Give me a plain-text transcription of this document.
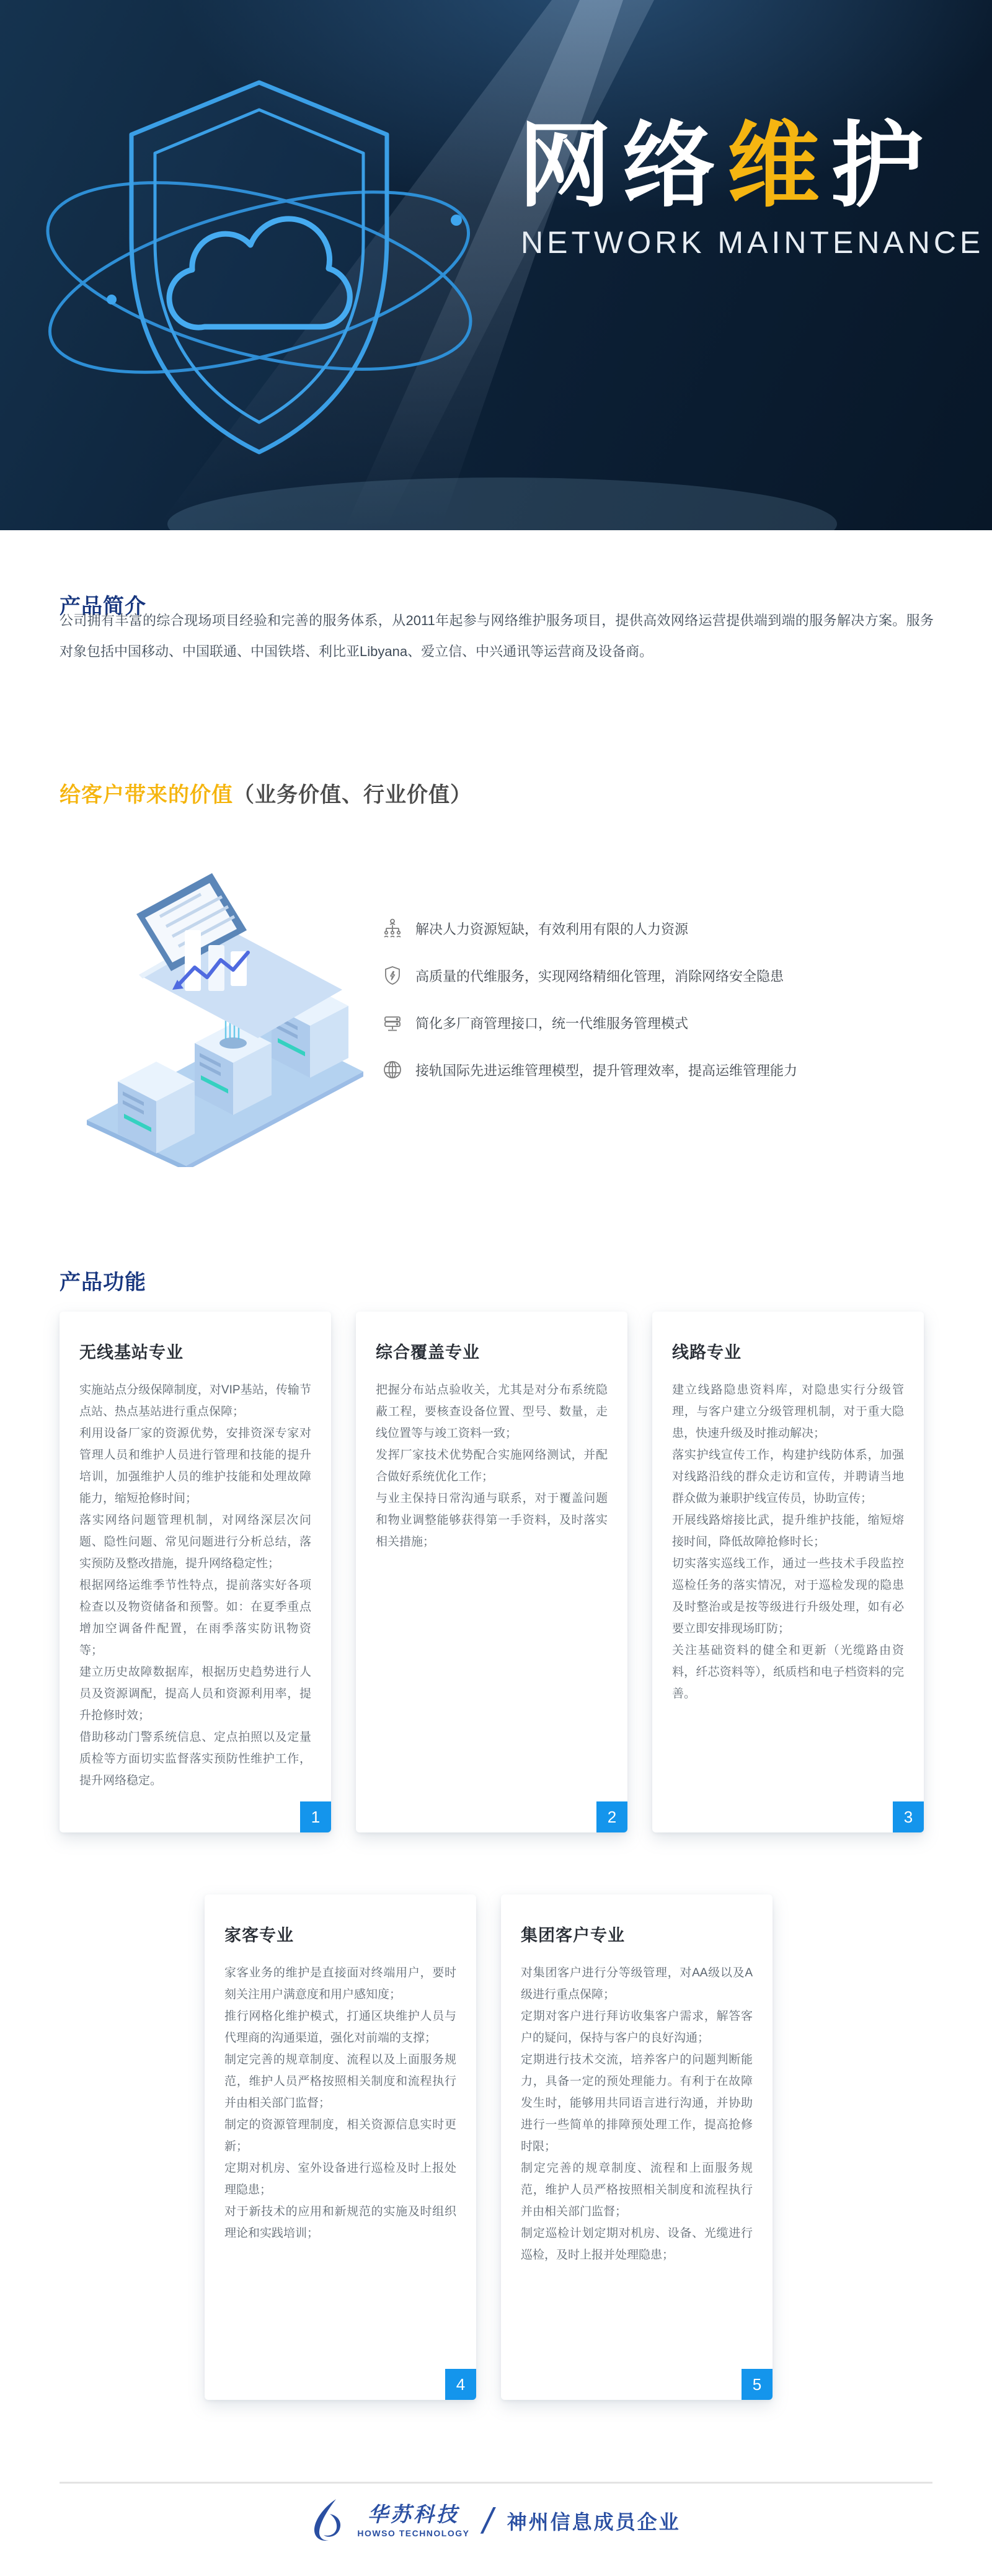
网络维护
NETWORK MAINTENANCE
产品简介
公司拥有丰富的综合现场项目经验和完善的服务体系，从2011年起参与网络维护服务项目，提供高效网络运营提供端到端的服务解决方案。服务对象包括中国移动、中国联通、中国铁塔、利比亚Libyana、爱立信、中兴通讯等运营商及设备商。
给客户带来的价值（业务价值、行业价值）
解决人力资源短缺，有效利用有限的人力资源
高质量的代维服务，实现网络精细化管理，消除网络安全隐患
简化多厂商管理接口，统一代维服务管理模式
接轨国际先进运维管理模型，提升管理效率，提高运维管理能力
产品功能
无线基站专业

实施站点分级保障制度，对VIP基站，传输节点站、热点基站进行重点保障；

利用设备厂家的资源优势，安排资深专家对管理人员和维护人员进行管理和技能的提升培训，加强维护人员的维护技能和处理故障能力，缩短抢修时间；

落实网络问题管理机制，对网络深层次问题、隐性问题、常见问题进行分析总结，落实预防及整改措施，提升网络稳定性；

根据网络运维季节性特点，提前落实好各项检查以及物资储备和预警。如：在夏季重点增加空调备件配置，在雨季落实防讯物资等；

建立历史故障数据库，根据历史趋势进行人员及资源调配，提高人员和资源利用率，提升抢修时效；

借助移动门警系统信息、定点拍照以及定量质检等方面切实监督落实预防性维护工作，提升网络稳定。

1
综合覆盖专业

把握分布站点验收关，尤其是对分布系统隐蔽工程，要核查设备位置、型号、数量，走线位置等与竣工资料一致；

发挥厂家技术优势配合实施网络测试，并配合做好系统优化工作；

与业主保持日常沟通与联系，对于覆盖问题和物业调整能够获得第一手资料，及时落实相关措施；

2
线路专业

建立线路隐患资料库，对隐患实行分级管理，与客户建立分级管理机制，对于重大隐患，快速升级及时推动解决；

落实护线宣传工作，构建护线防体系，加强对线路沿线的群众走访和宣传，并聘请当地群众做为兼职护线宣传员，协助宣传；

开展线路熔接比武，提升维护技能，缩短熔接时间，降低故障抢修时长；

切实落实巡线工作，通过一些技术手段监控巡检任务的落实情况，对于巡检发现的隐患及时整治或是按等级进行升级处理，如有必要立即安排现场盯防；

关注基础资料的健全和更新（光缆路由资料，纤芯资料等），纸质档和电子档资料的完善。

3
家客专业

家客业务的维护是直接面对终端用户，要时刻关注用户满意度和用户感知度；

推行网格化维护模式，打通区块维护人员与代理商的沟通渠道，强化对前端的支撑；

制定完善的规章制度、流程以及上面服务规范，维护人员严格按照相关制度和流程执行并由相关部门监督；

制定的资源管理制度，相关资源信息实时更新；

定期对机房、室外设备进行巡检及时上报处理隐患；

对于新技术的应用和新规范的实施及时组织理论和实践培训；

4
集团客户专业

对集团客户进行分等级管理，对AA级以及A级进行重点保障；

定期对客户进行拜访收集客户需求，解答客户的疑问，保持与客户的良好沟通；

定期进行技术交流，培养客户的问题判断能力，具备一定的预处理能力。有利于在故障发生时，能够用共同语言进行沟通，并协助进行一些简单的排障预处理工作，提高抢修时限；

制定完善的规章制度、流程和上面服务规范，维护人员严格按照相关制度和流程执行并由相关部门监督；

制定巡检计划定期对机房、设备、光缆进行巡检，及时上报并处理隐患；

5
华苏科技
HOWSO TECHNOLOGY / 神州信息成员企业
